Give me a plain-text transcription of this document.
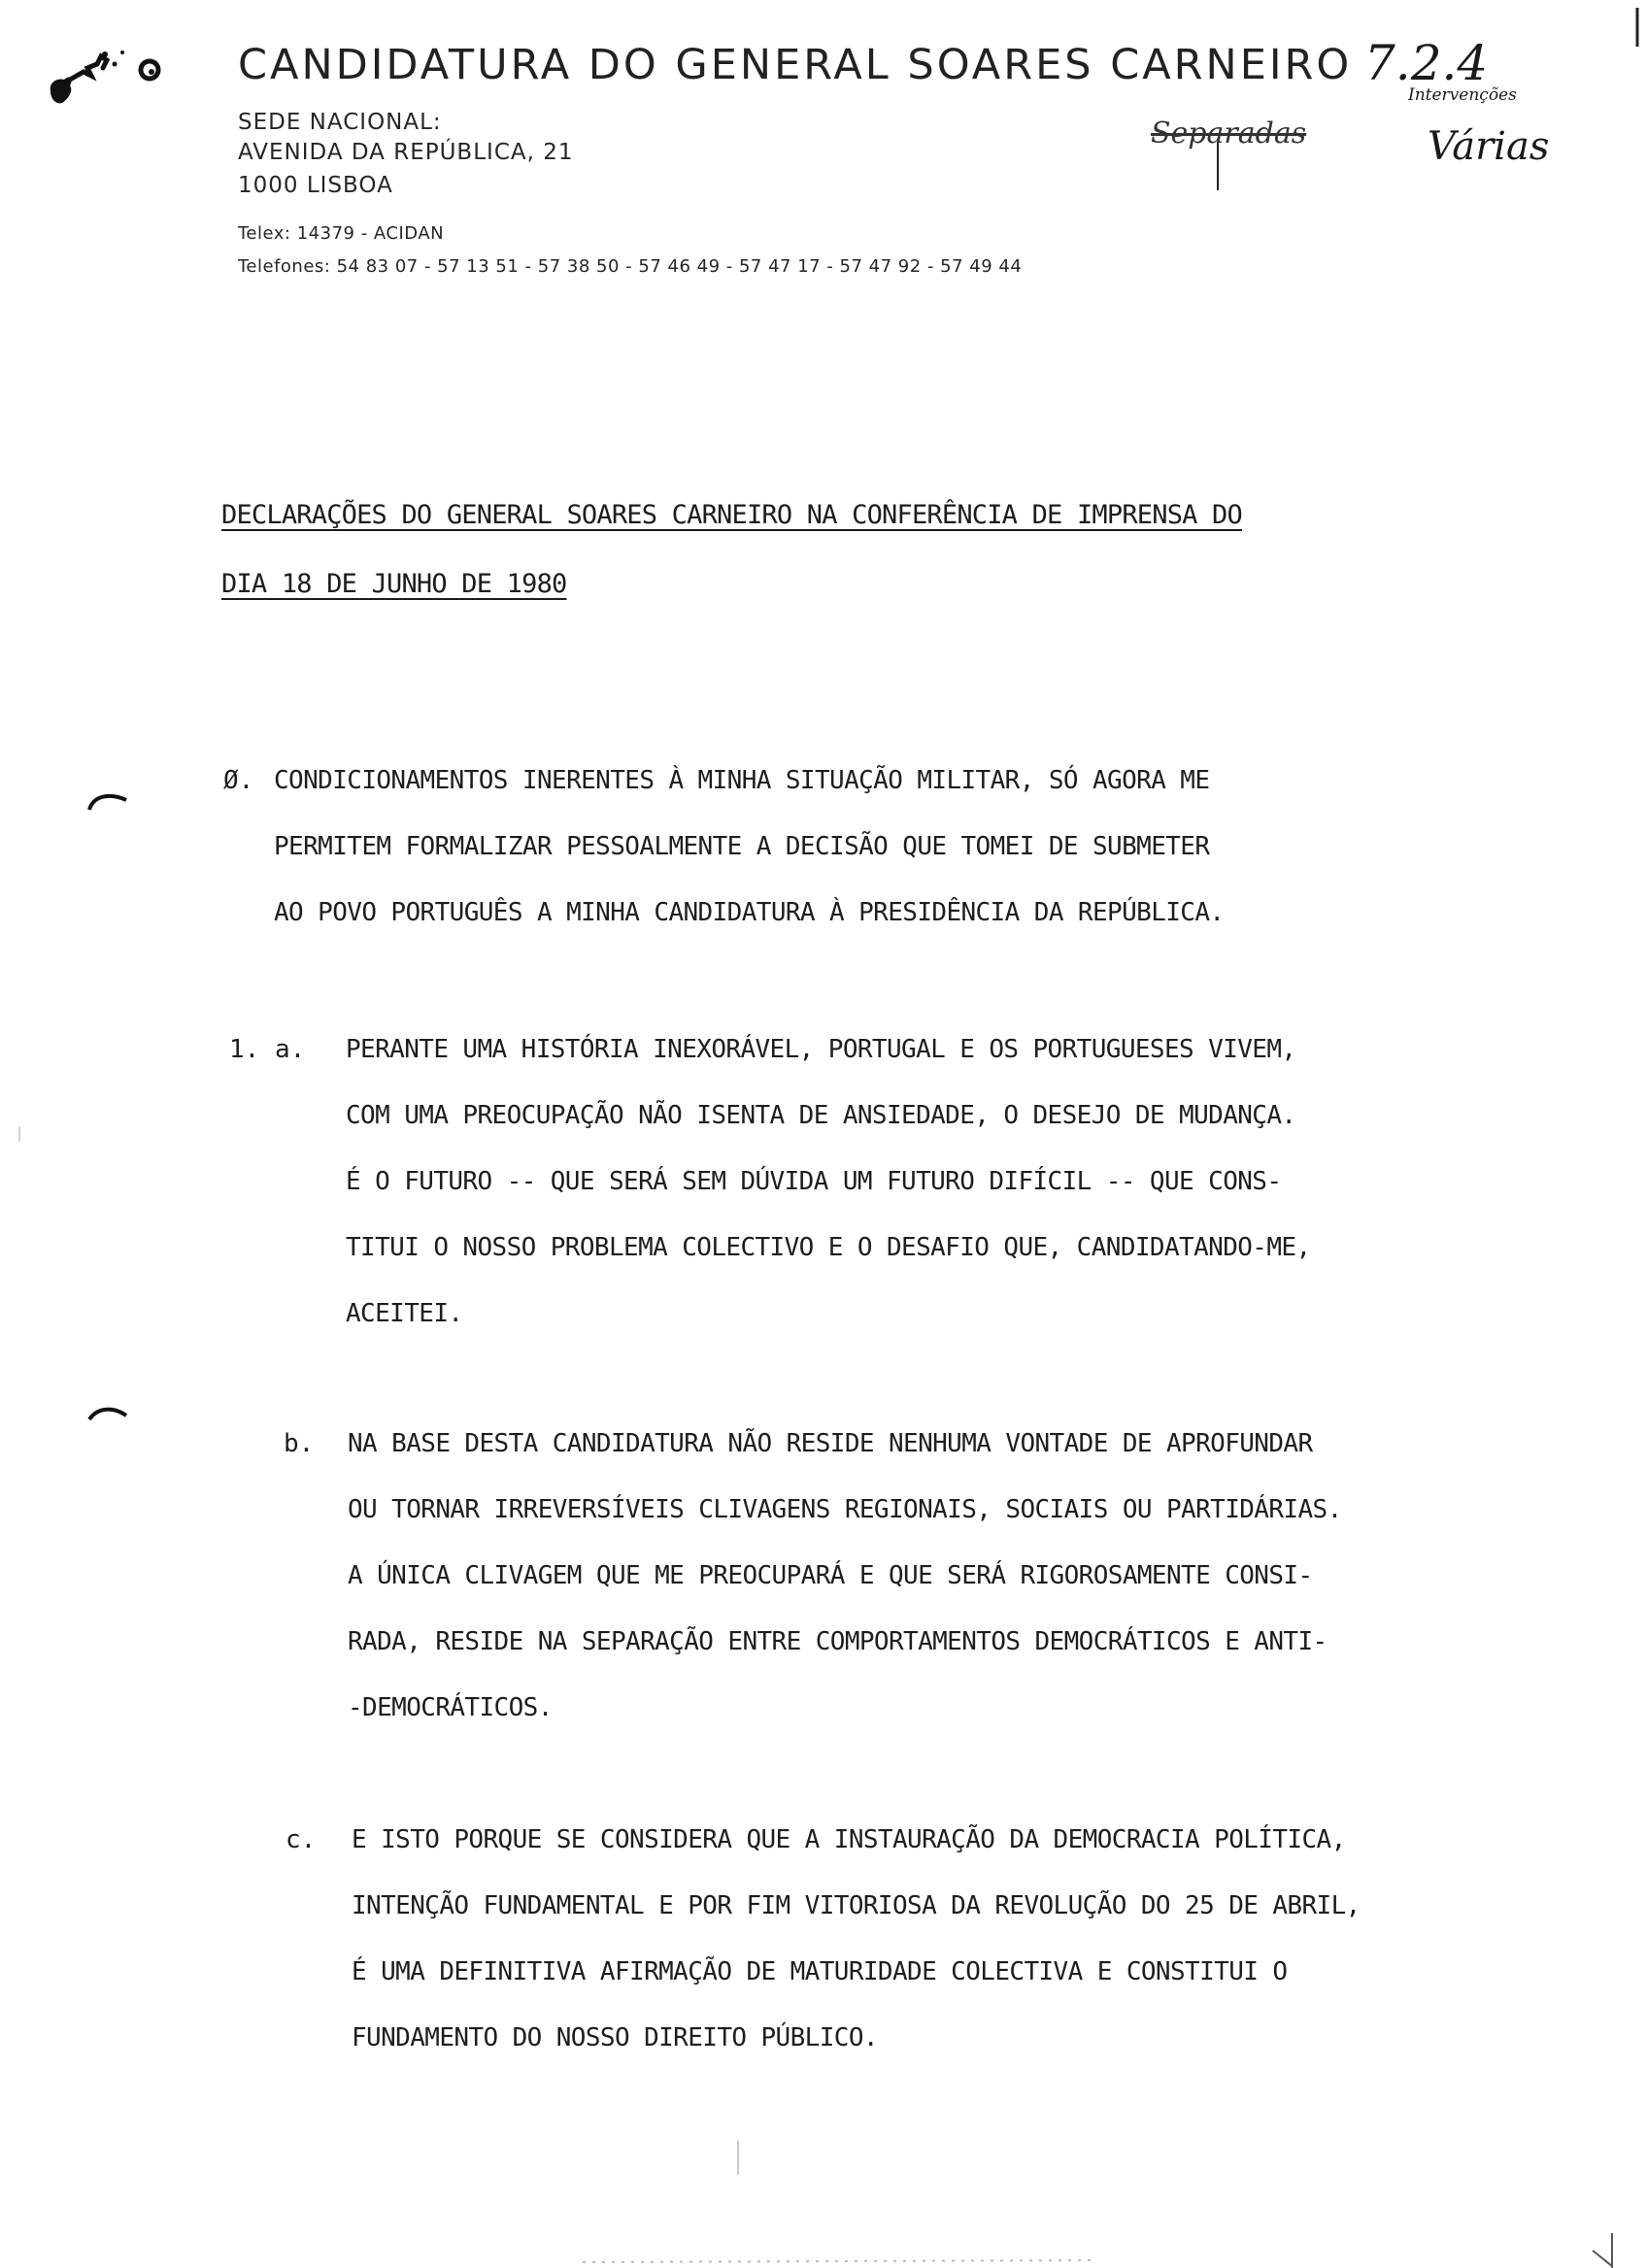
CANDIDATURA DO GENERAL SOARES CARNEIRO
SEDE NACIONAL:
AVENIDA DA REPÚBLICA, 21
1000 LISBOA
Telex: 14379 - ACIDAN
Telefones: 54 83 07 - 57 13 51 - 57 38 50 - 57 46 49 - 57 47 17 - 57 47 92 - 57 49 44
7.2.4
Intervenções
Separadas	Várias
DECLARAÇÕES DO GENERAL SOARES CARNEIRO NA CONFERÊNCIA DE IMPRENSA DO
DIA 18 DE JUNHO DE 1980
Ø. CONDICIONAMENTOS INERENTES À MINHA SITUAÇÃO MILITAR, SÓ AGORA ME
PERMITEM FORMALIZAR PESSOALMENTE A DECISÃO QUE TOMEI DE SUBMETER
AO POVO PORTUGUÊS A MINHA CANDIDATURA À PRESIDÊNCIA DA REPÚBLICA.
1. a. PERANTE UMA HISTÓRIA INEXORÁVEL, PORTUGAL E OS PORTUGUESES VIVEM,
COM UMA PREOCUPAÇÃO NÃO ISENTA DE ANSIEDADE, O DESEJO DE MUDANÇA.
É O FUTURO -- QUE SERÁ SEM DÚVIDA UM FUTURO DIFÍCIL -- QUE CONS-
TITUI O NOSSO PROBLEMA COLECTIVO E O DESAFIO QUE, CANDIDATANDO-ME,
ACEITEI.
b. NA BASE DESTA CANDIDATURA NÃO RESIDE NENHUMA VONTADE DE APROFUNDAR
OU TORNAR IRREVERSÍVEIS CLIVAGENS REGIONAIS, SOCIAIS OU PARTIDÁRIAS.
A ÚNICA CLIVAGEM QUE ME PREOCUPARÁ E QUE SERÁ RIGOROSAMENTE CONSI-
RADA, RESIDE NA SEPARAÇÃO ENTRE COMPORTAMENTOS DEMOCRÁTICOS E ANTI-
-DEMOCRÁTICOS.
c. E ISTO PORQUE SE CONSIDERA QUE A INSTAURAÇÃO DA DEMOCRACIA POLÍTICA,
INTENÇÃO FUNDAMENTAL E POR FIM VITORIOSA DA REVOLUÇÃO DO 25 DE ABRIL,
É UMA DEFINITIVA AFIRMAÇÃO DE MATURIDADE COLECTIVA E CONSTITUI O
FUNDAMENTO DO NOSSO DIREITO PÚBLICO.
